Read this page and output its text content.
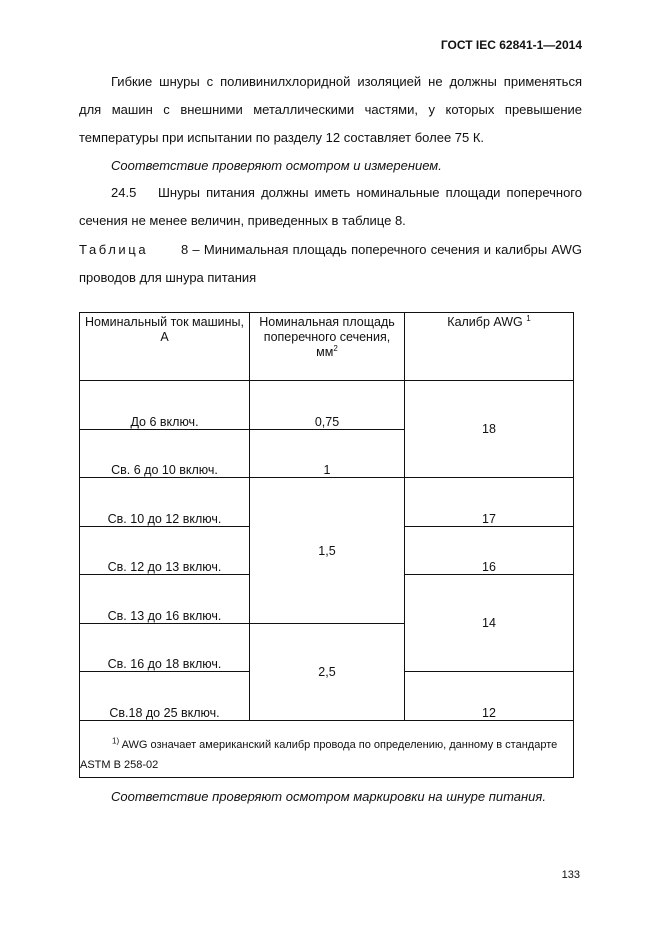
ГОСТ IEC 62841-1—2014
Гибкие шнуры с поливинилхлоридной изоляцией не должны применяться
для машин с внешними металлическими частями, у которых превышение
температуры при испытании по разделу 12 составляет более 75 К.
Соответствие проверяют осмотром и измерением.
24.5 Шнуры питания должны иметь номинальные площади поперечного
сечения не менее величин, приведенных в таблице 8.
Таблица	8 – Минимальная площадь поперечного сечения и калибры AWG
проводов для шнура питания
Номинальный ток машины, А	Номинальная площадь поперечного сечения, $мм^2$	Калибр AWG $^1$
До 6 включ.	0,75	18
Св. 6 до 10 включ.	1	
Св. 10 до 12 включ.	1,5	17
Св. 12 до 13 включ.		16
Св. 13 до 16 включ.		14
Св. 16 до 18 включ.	2,5	
Св.18 до 25 включ.		12

$^{1)}$ AWG означает американский калибр провода по определению, данному в стандарте
ASTM B 258-02		
Соответствие проверяют осмотром маркировки на шнуре питания.
133
